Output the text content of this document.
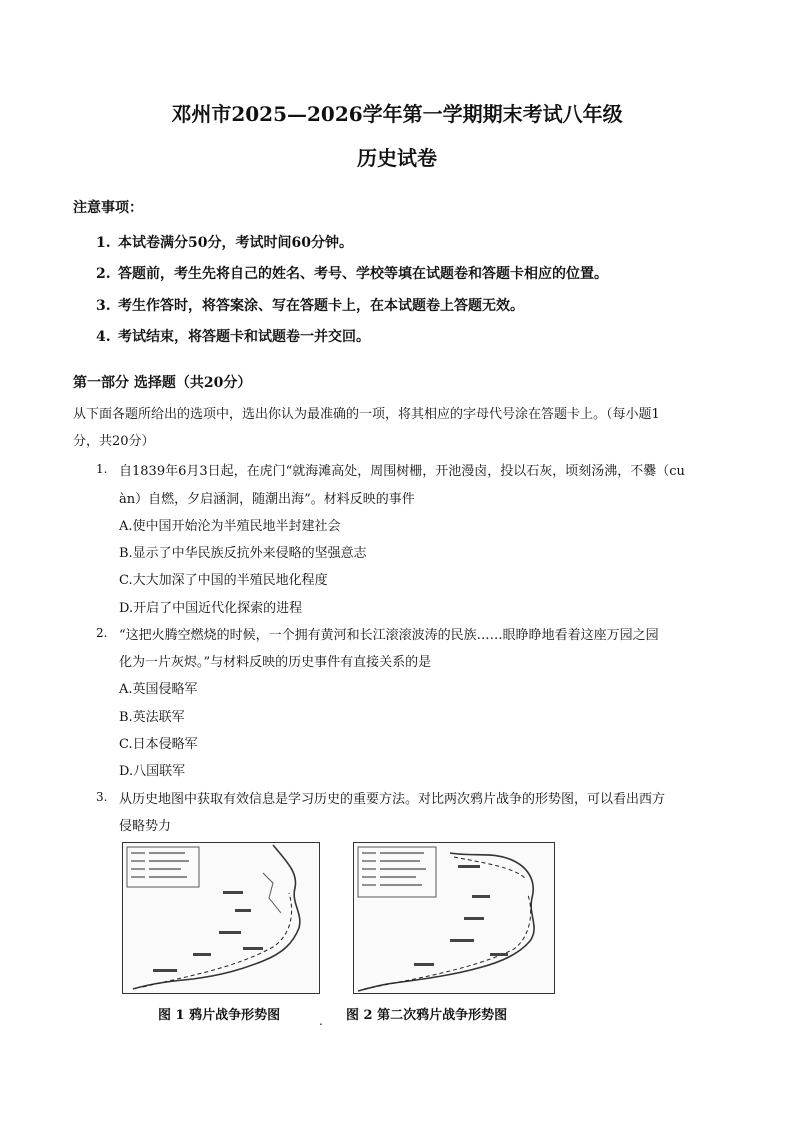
邓州市2025—2026学年第一学期期末考试八年级
历史试卷
注意事项：
1. 本试卷满分50分，考试时间60分钟。
2. 答题前，考生先将自己的姓名、考号、学校等填在试题卷和答题卡相应的位置。
3. 考生作答时，将答案涂、写在答题卡上，在本试题卷上答题无效。
4. 考试结束，将答题卡和试题卷一并交回。
第一部分 选择题（共20分）
从下面各题所给出的选项中，选出你认为最准确的一项，将其相应的字母代号涂在答题卡上。（每小题1
分，共20分）
1. 自1839年6月3日起，在虎门“就海滩高处，周围树栅，开池漫卤，投以石灰，顷刻汤沸，不爨（cu
àn）自燃，夕启涵洞，随潮出海”。材料反映的事件
A.使中国开始沦为半殖民地半封建社会
B.显示了中华民族反抗外来侵略的坚强意志
C.大大加深了中国的半殖民地化程度
D.开启了中国近代化探索的进程
2. “这把火腾空燃烧的时候，一个拥有黄河和长江滚滚波涛的民族……眼睁睁地看着这座万园之园
化为一片灰烬。”与材料反映的历史事件有直接关系的是
A.英国侵略军
B.英法联军
C.日本侵略军
D.八国联军
3. 从历史地图中获取有效信息是学习历史的重要方法。对比两次鸦片战争的形势图，可以看出西方
侵略势力
图 1 鸦片战争形势图	. 图 2 第二次鸦片战争形势图
